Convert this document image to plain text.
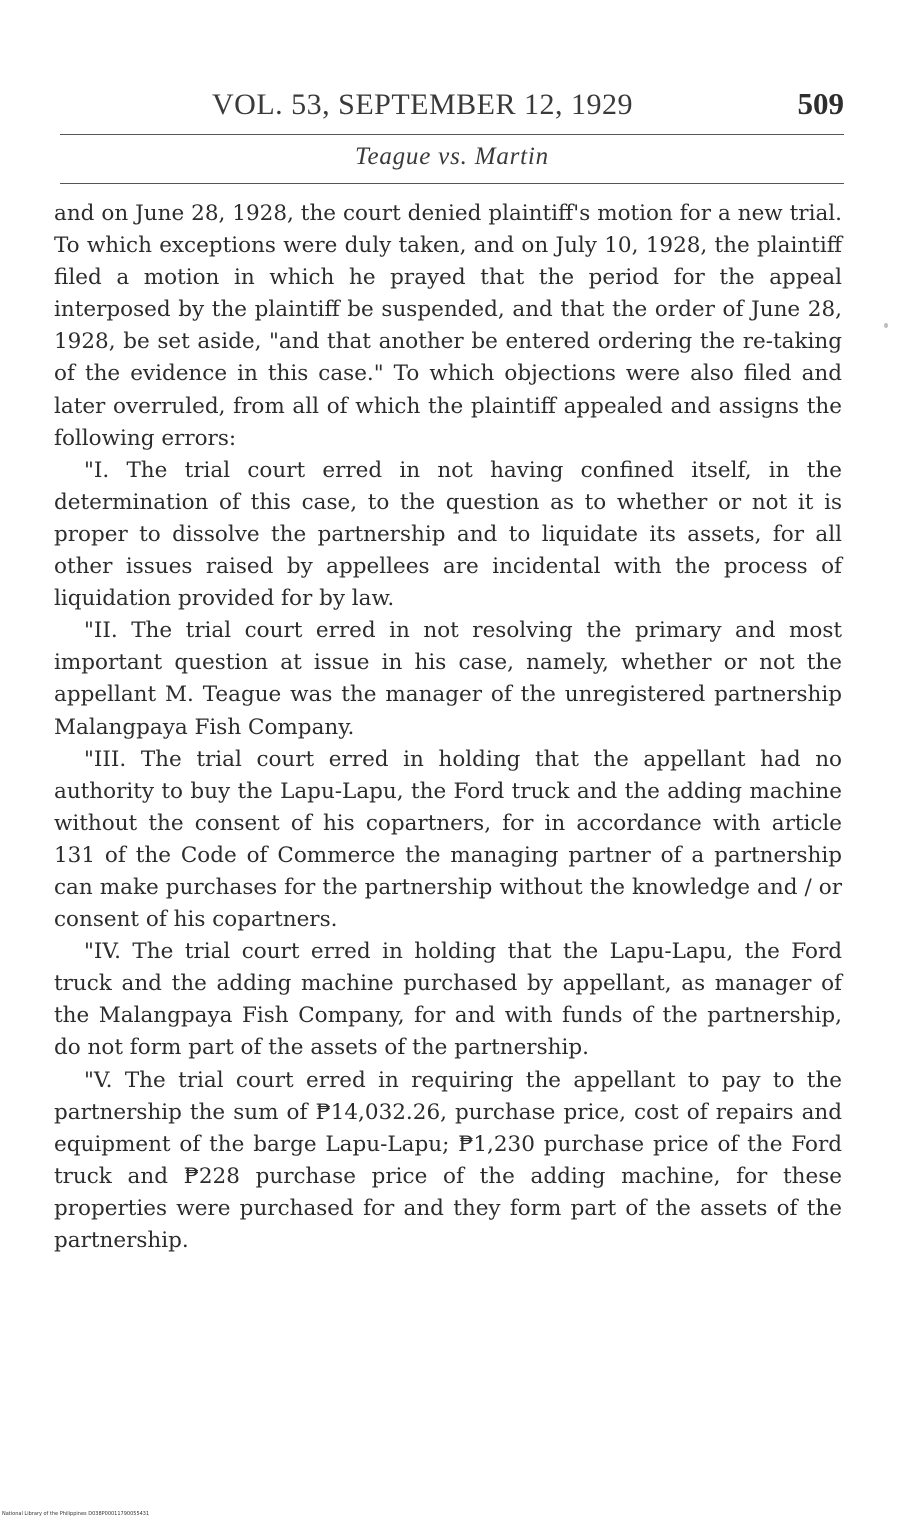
VOL. 53, SEPTEMBER 12, 1929	509
Teague vs. Martin

and on June 28, 1928, the court denied plaintiff's motion for a new trial. To which exceptions were duly taken, and on July 10, 1928, the plaintiff filed a motion in which he prayed that the period for the appeal interposed by the plaintiff be suspended, and that the order of June 28, 1928, be set aside, "and that another be entered ordering the re-taking of the evidence in this case." To which objections were also filed and later overruled, from all of which the plaintiff appealed and assigns the following errors:

"I. The trial court erred in not having confined itself, in the determination of this case, to the question as to whether or not it is proper to dissolve the partnership and to liquidate its assets, for all other issues raised by appellees are incidental with the process of liquidation provided for by law.

"II. The trial court erred in not resolving the primary and most important question at issue in his case, namely, whether or not the appellant M. Teague was the manager of the unregistered partnership Malangpaya Fish Company.

"III. The trial court erred in holding that the appellant had no authority to buy the Lapu-Lapu, the Ford truck and the adding machine without the consent of his copartners, for in accordance with article 131 of the Code of Commerce the managing partner of a partnership can make purchases for the partnership without the knowledge and / or consent of his copartners.

"IV. The trial court erred in holding that the Lapu-Lapu, the Ford truck and the adding machine purchased by appellant, as manager of the Malangpaya Fish Company, for and with funds of the partnership, do not form part of the assets of the partnership.

"V. The trial court erred in requiring the appellant to pay to the partnership the sum of ₱14,032.26, purchase price, cost of repairs and equipment of the barge Lapu-Lapu; ₱1,230 purchase price of the Ford truck and ₱228 purchase price of the adding machine, for these properties were purchased for and they form part of the assets of the partnership.

National Library of the Philippines D038P00011790055431
